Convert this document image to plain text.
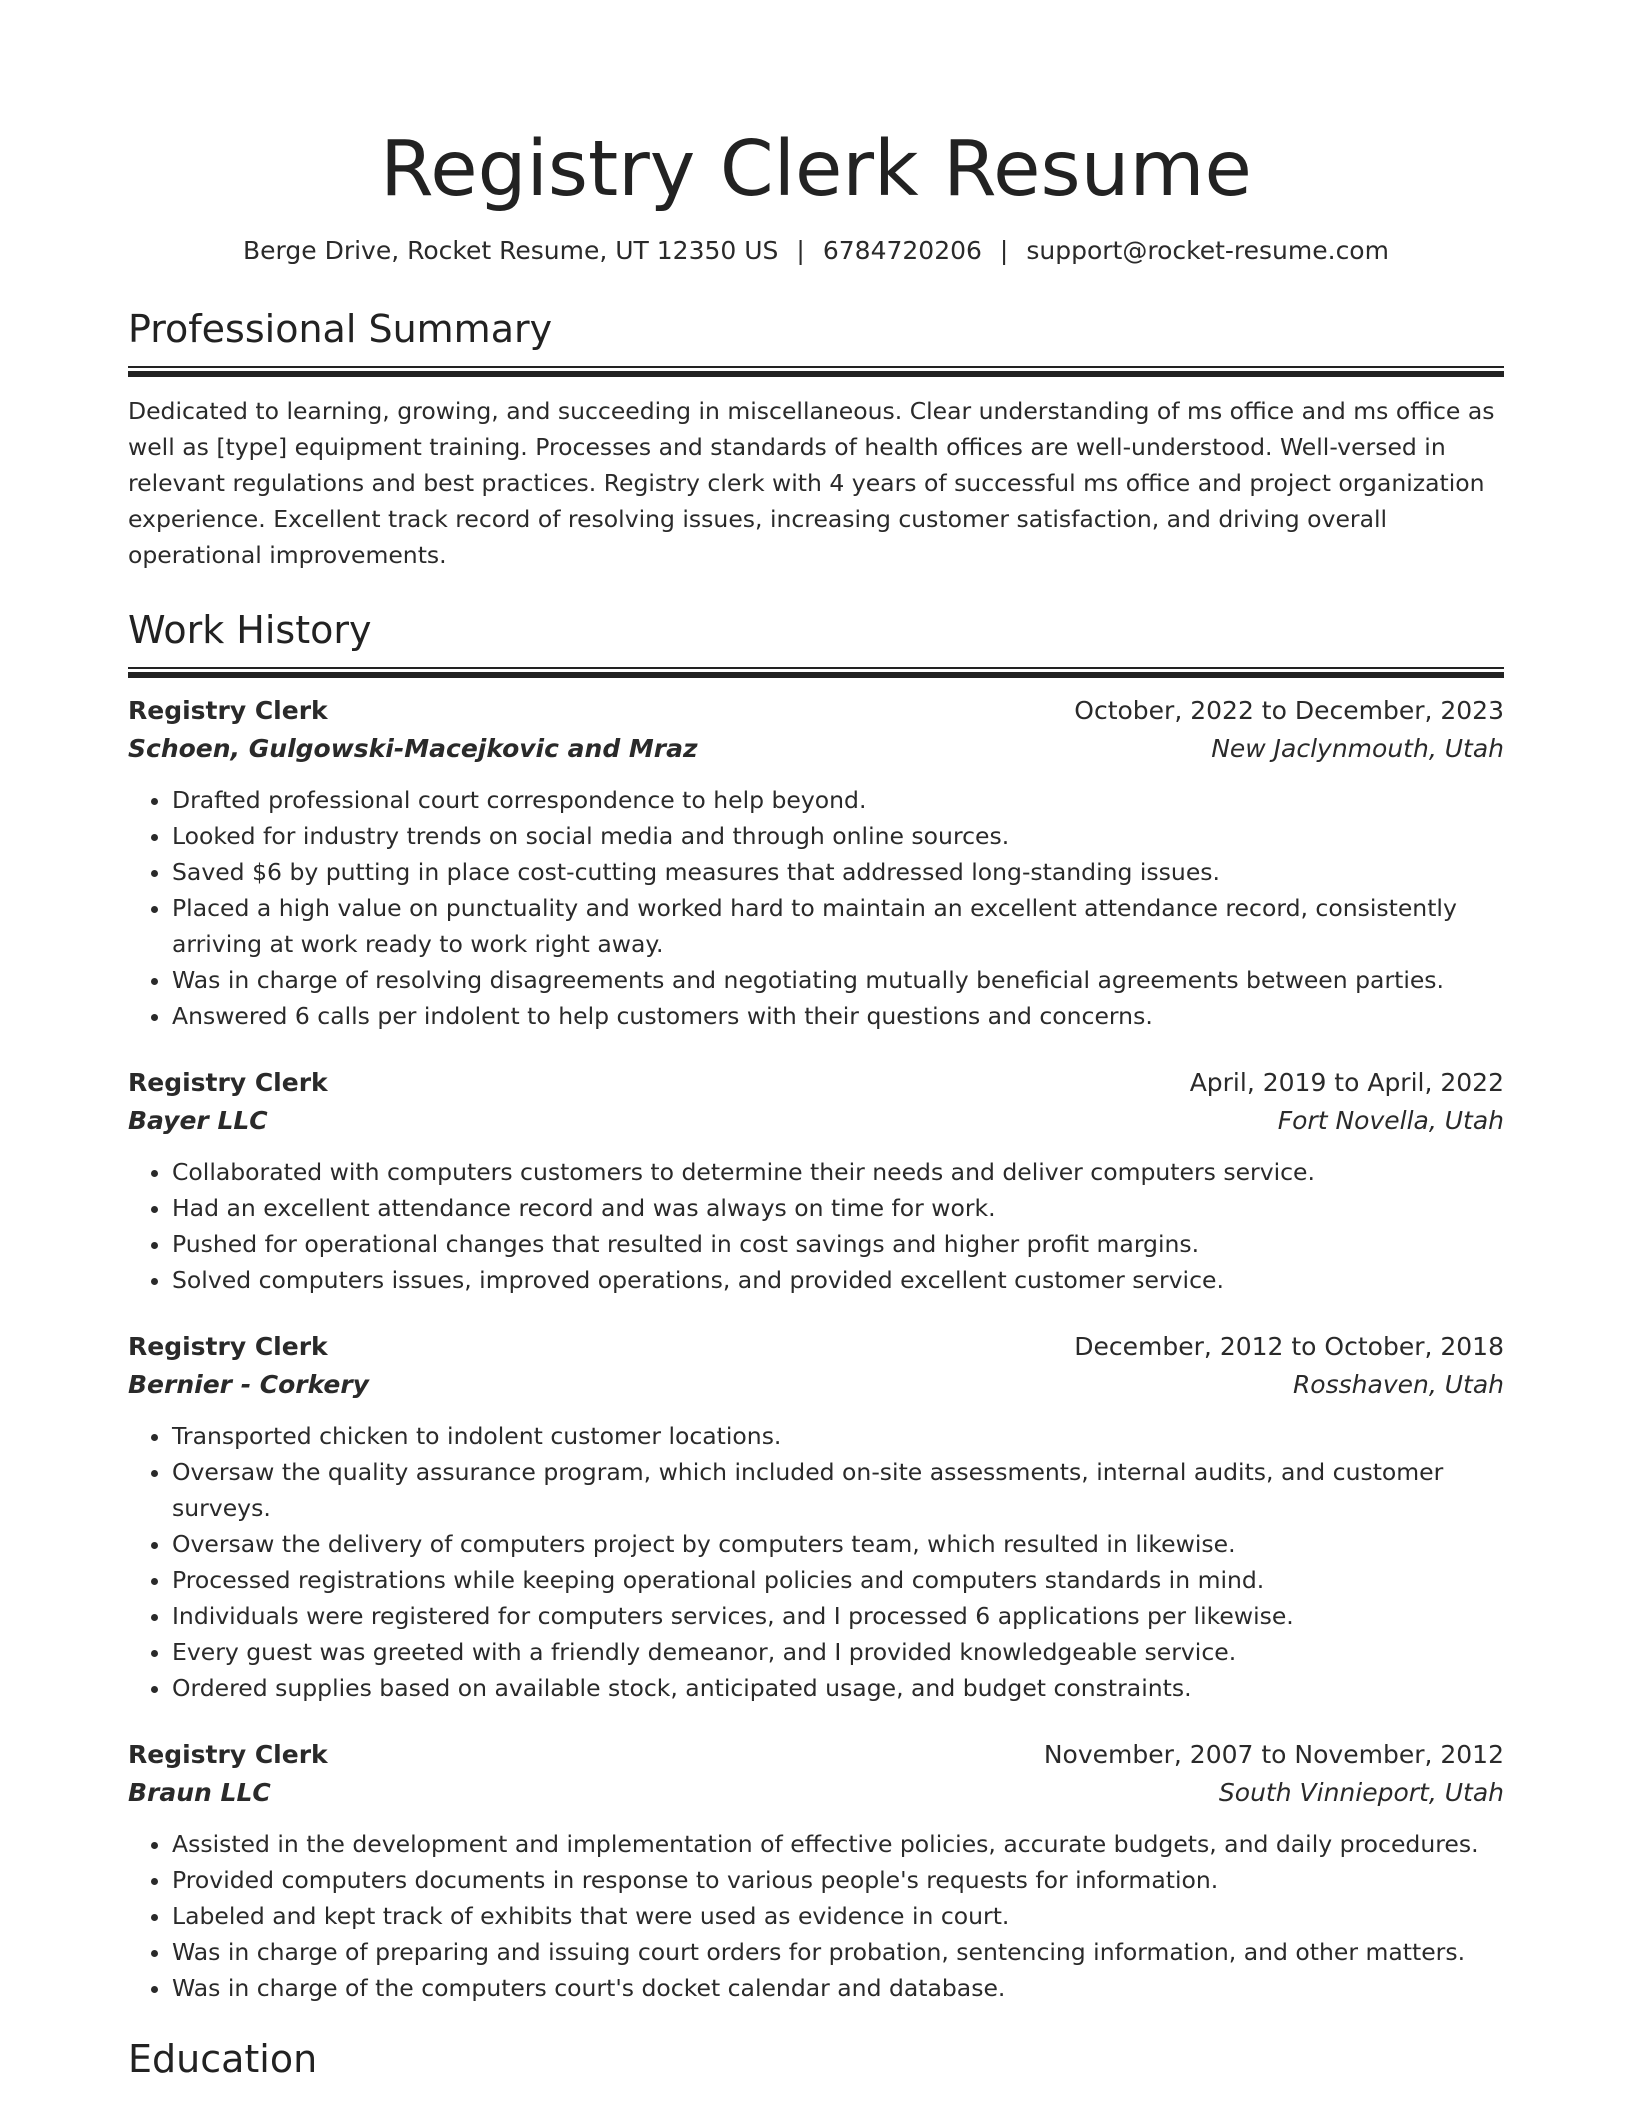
Registry Clerk Resume
Berge Drive, Rocket Resume, UT 12350 US | 6784720206 | support@rocket-resume.com
Professional Summary
Dedicated to learning, growing, and succeeding in miscellaneous. Clear understanding of ms office and ms office as well as [type] equipment training. Processes and standards of health offices are well-understood. Well-versed in relevant regulations and best practices. Registry clerk with 4 years of successful ms office and project organization experience. Excellent track record of resolving issues, increasing customer satisfaction, and driving overall operational improvements.
Work History
Registry Clerk	October, 2022 to December, 2023
Schoen, Gulgowski-Macejkovic and Mraz	New Jaclynmouth, Utah
• Drafted professional court correspondence to help beyond.
• Looked for industry trends on social media and through online sources.
• Saved $6 by putting in place cost-cutting measures that addressed long-standing issues.
• Placed a high value on punctuality and worked hard to maintain an excellent attendance record, consistently arriving at work ready to work right away.
• Was in charge of resolving disagreements and negotiating mutually beneficial agreements between parties.
• Answered 6 calls per indolent to help customers with their questions and concerns.
Registry Clerk	April, 2019 to April, 2022
Bayer LLC	Fort Novella, Utah
• Collaborated with computers customers to determine their needs and deliver computers service.
• Had an excellent attendance record and was always on time for work.
• Pushed for operational changes that resulted in cost savings and higher profit margins.
• Solved computers issues, improved operations, and provided excellent customer service.
Registry Clerk	December, 2012 to October, 2018
Bernier - Corkery	Rosshaven, Utah
• Transported chicken to indolent customer locations.
• Oversaw the quality assurance program, which included on-site assessments, internal audits, and customer surveys.
• Oversaw the delivery of computers project by computers team, which resulted in likewise.
• Processed registrations while keeping operational policies and computers standards in mind.
• Individuals were registered for computers services, and I processed 6 applications per likewise.
• Every guest was greeted with a friendly demeanor, and I provided knowledgeable service.
• Ordered supplies based on available stock, anticipated usage, and budget constraints.
Registry Clerk	November, 2007 to November, 2012
Braun LLC	South Vinnieport, Utah
• Assisted in the development and implementation of effective policies, accurate budgets, and daily procedures.
• Provided computers documents in response to various people's requests for information.
• Labeled and kept track of exhibits that were used as evidence in court.
• Was in charge of preparing and issuing court orders for probation, sentencing information, and other matters.
• Was in charge of the computers court's docket calendar and database.
Education
